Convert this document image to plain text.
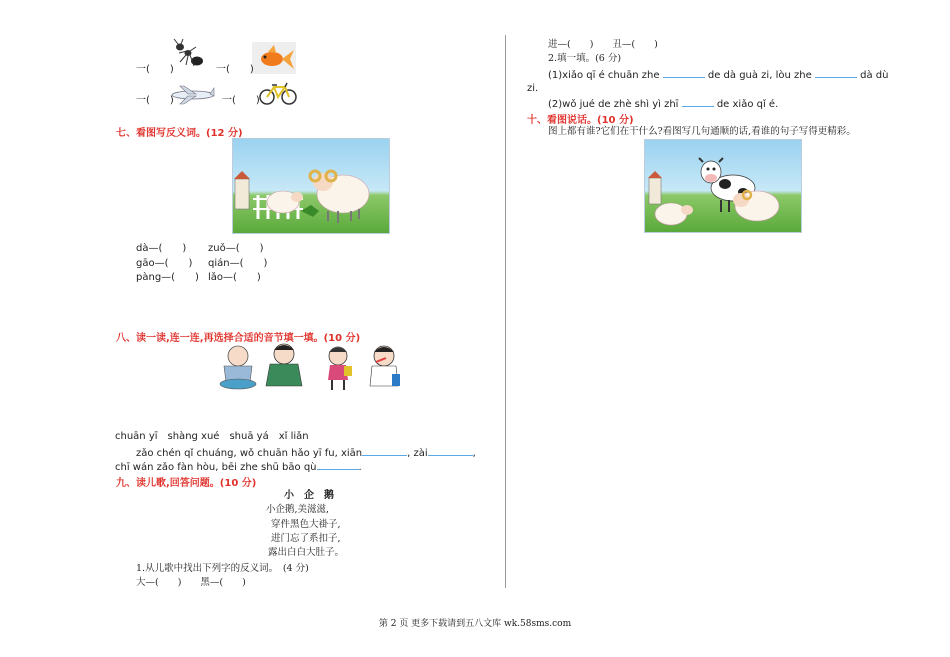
一(　　)	一(　　)
一(　　)	一(　　)
七、看图写反义词。(12 分)
dà—(　　) zuǒ—(　　)
gāo—(　　) qián—(　　)
pàng—(　　) lǎo—(　　)
八、读一读,连一连,再选择合适的音节填一填。(10 分)
chuān yī　shàng xué　shuā yá　xǐ liǎn
zǎo chén qǐ chuáng, wǒ chuān hǎo yī fu, xiān	, zài	,
chī wán zǎo fàn hòu, bēi zhe shū bāo qù	.
九、读儿歌,回答问题。(10 分)
小　企　鹅
小企鹅,美滋滋,
穿件黑色大褂子,
进门忘了系扣子,
露出白白大肚子。
1.从儿歌中找出下列字的反义词。　(4 分)
大—(　　)　　黑—(　　)
进—(　　)　　丑—(　　)
2.填一填。(6 分)
(1)xiǎo qī é chuān zhe	de dà guà zi, lòu zhe	dà dù
zi.
(2)wǒ jué de zhè shì yì zhī	de xiǎo qǐ é.
十、看图说话。(10 分)
图上都有谁?它们在干什么?看图写几句通顺的话,看谁的句子写得更精彩。
第 2 页 更多下载请到五八文库 wk.58sms.com
